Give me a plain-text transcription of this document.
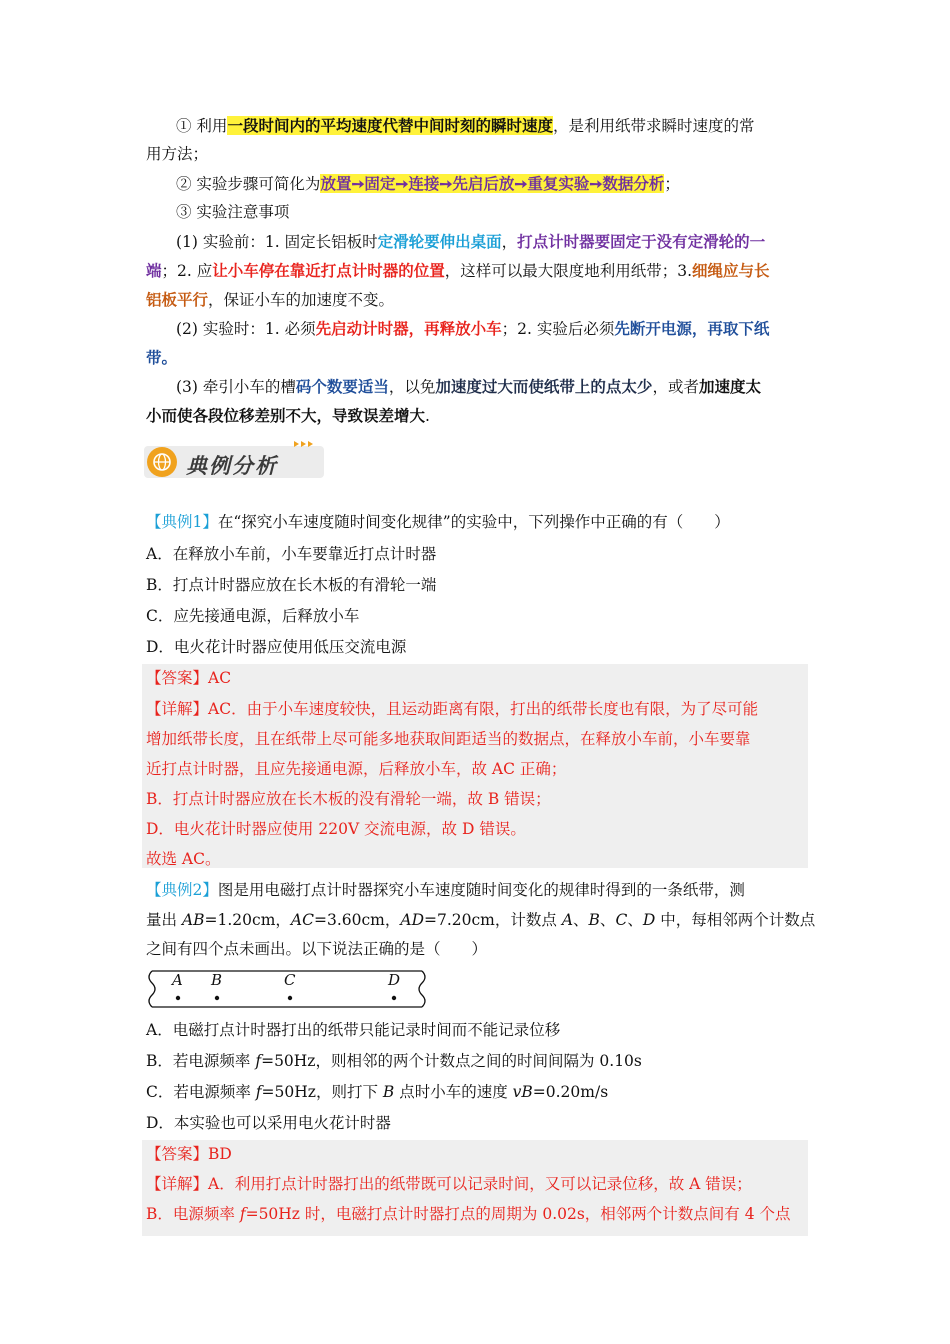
① 利用一段时间内的平均速度代替中间时刻的瞬时速度，是利用纸带求瞬时速度的常
用方法；
② 实验步骤可简化为放置➙固定➙连接➙先启后放➙重复实验➙数据分析；
③ 实验注意事项
(1) 实验前：1. 固定长铝板时定滑轮要伸出桌面，打点计时器要固定于没有定滑轮的一
端；2. 应让小车停在靠近打点计时器的位置，这样可以最大限度地利用纸带；3.细绳应与长
铝板平行，保证小车的加速度不变。
(2) 实验时：1. 必须先启动计时器，再释放小车；2. 实验后必须先断开电源，再取下纸
带。
(3) 牵引小车的槽码个数要适当，以免加速度过大而使纸带上的点太少，或者加速度太
小而使各段位移差别不大，导致误差增大.
典例分析
【典例1】在“探究小车速度随时间变化规律”的实验中，下列操作中正确的有（　　）
A．在释放小车前，小车要靠近打点计时器
B．打点计时器应放在长木板的有滑轮一端
C．应先接通电源，后释放小车
D．电火花计时器应使用低压交流电源
【答案】AC
【详解】AC．由于小车速度较快，且运动距离有限，打出的纸带长度也有限，为了尽可能
增加纸带长度，且在纸带上尽可能多地获取间距适当的数据点，在释放小车前，小车要靠
近打点计时器，且应先接通电源，后释放小车，故 AC 正确；
B．打点计时器应放在长木板的没有滑轮一端，故 B 错误；
D．电火花计时器应使用 220V 交流电源，故 D 错误。
故选 AC。
【典例2】图是用电磁打点计时器探究小车速度随时间变化的规律时得到的一条纸带，测
量出 AB=1.20cm，AC=3.60cm，AD=7.20cm，计数点 A、B、C、D 中，每相邻两个计数点
之间有四个点未画出。以下说法正确的是（　　）
A B	C	D
A．电磁打点计时器打出的纸带只能记录时间而不能记录位移
B．若电源频率 f=50Hz，则相邻的两个计数点之间的时间间隔为 0.10s
C．若电源频率 f=50Hz，则打下 B 点时小车的速度 vB=0.20m/s
D．本实验也可以采用电火花计时器
【答案】BD
【详解】A．利用打点计时器打出的纸带既可以记录时间，又可以记录位移，故 A 错误；
B．电源频率 f=50Hz 时，电磁打点计时器打点的周期为 0.02s，相邻两个计数点间有 4 个点
